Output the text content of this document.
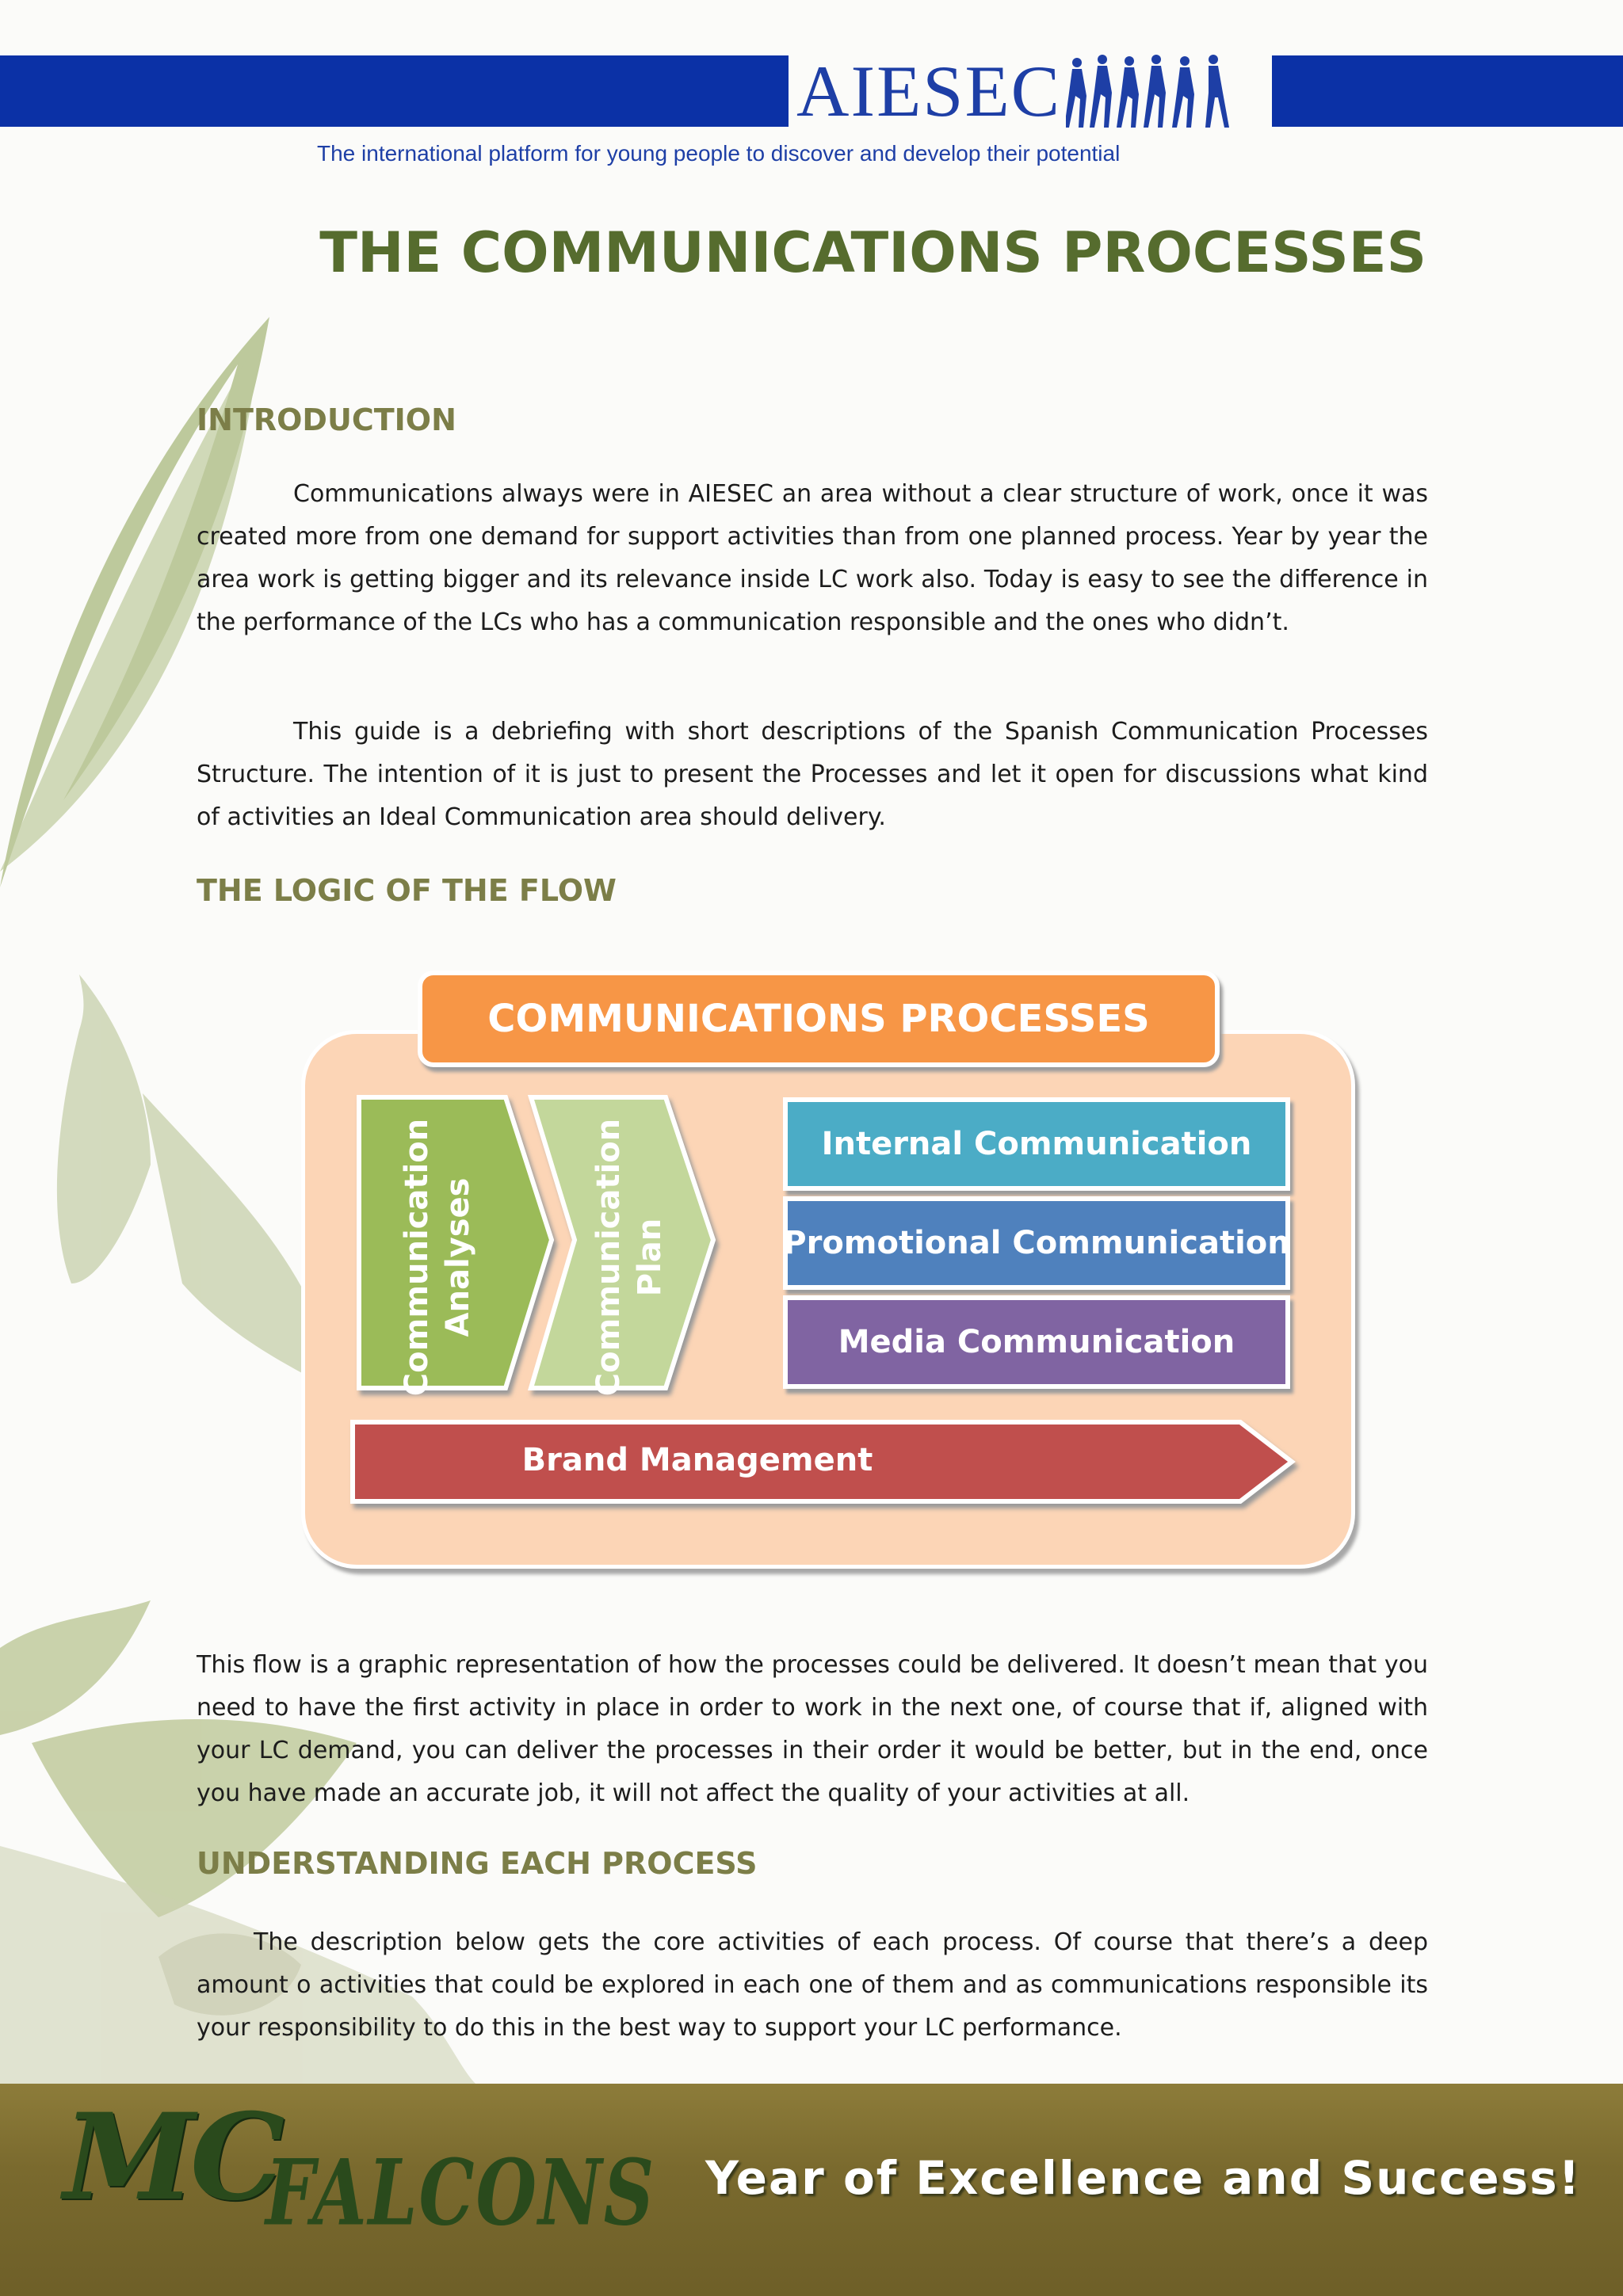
AIESEC
The international platform for young people to discover and develop their potential
THE COMMUNICATIONS PROCESSES
INTRODUCTION
Communications always were in AIESEC an area without a clear structure of work, once it was created more from one demand for support activities than from one planned process. Year by year the area work is getting bigger and its relevance inside LC work also. Today is easy to see the difference in the performance of the LCs who has a communication responsible and the ones who didn’t.
This guide is a debriefing with short descriptions of the Spanish Communication Processes Structure. The intention of it is just to present the Processes and let it open for discussions what kind of activities an Ideal Communication area should delivery.
THE LOGIC OF THE FLOW
COMMUNICATIONS PROCESSES
Communication Analyses	Communication Plan
Internal Communication
Promotional Communication
Media Communication
Brand Management
This flow is a graphic representation of how the processes could be delivered. It doesn’t mean that you need to have the first activity in place in order to work in the next one, of course that if, aligned with your LC demand, you can deliver the processes in their order it would be better, but in the end, once you have made an accurate job, it will not affect the quality of your activities at all.
UNDERSTANDING EACH PROCESS
The description below gets the core activities of each process. Of course that there’s a deep amount o activities that could be explored in each one of them and as communications responsible its your responsibility to do this in the best way to support your LC performance.
MC
FALCONS Year of Excellence and Success!
